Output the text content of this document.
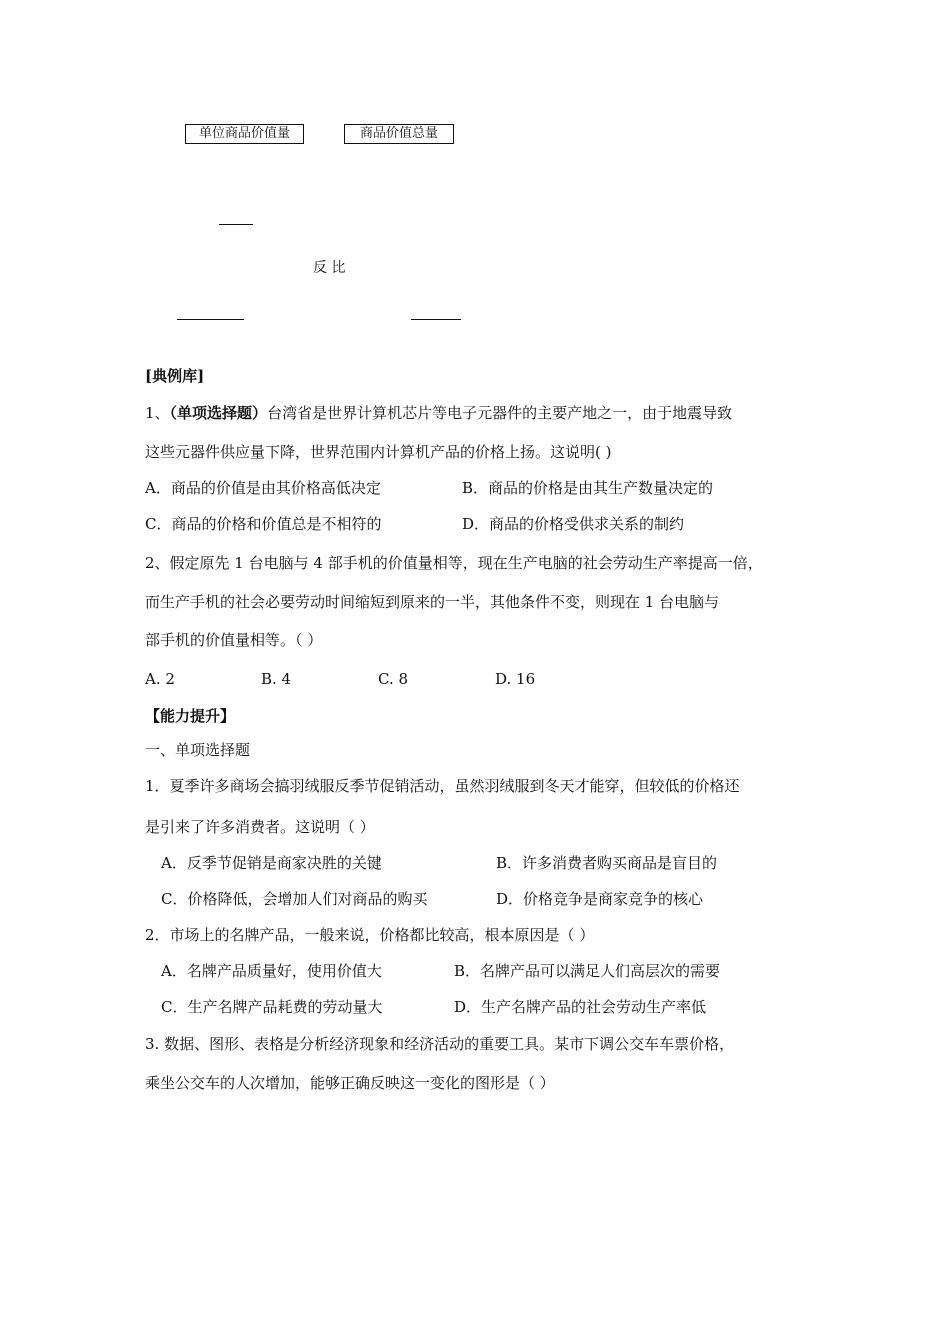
单位商品价值量	商品价值总量
反 比
[典例库]
1、（单项选择题）台湾省是世界计算机芯片等电子元器件的主要产地之一，由于地震导致
这些元器件供应量下降，世界范围内计算机产品的价格上扬。这说明( )
A．商品的价值是由其价格高低决定	B．商品的价格是由其生产数量决定的
C．商品的价格和价值总是不相符的	D．商品的价格受供求关系的制约
2、假定原先 1 台电脑与 4 部手机的价值量相等，现在生产电脑的社会劳动生产率提高一倍，
而生产手机的社会必要劳动时间缩短到原来的一半，其他条件不变，则现在 1 台电脑与
部手机的价值量相等。（ ）
A. 2	B. 4	C. 8	D. 16
【能力提升】
一、单项选择题
1．夏季许多商场会搞羽绒服反季节促销活动，虽然羽绒服到冬天才能穿，但较低的价格还
是引来了许多消费者。这说明（ ）
A．反季节促销是商家决胜的关键	B．许多消费者购买商品是盲目的
C．价格降低，会增加人们对商品的购买	D．价格竞争是商家竞争的核心
2．市场上的名牌产品，一般来说，价格都比较高，根本原因是（ ）
A．名牌产品质量好，使用价值大	B．名牌产品可以满足人们高层次的需要
C．生产名牌产品耗费的劳动量大	D．生产名牌产品的社会劳动生产率低
3. 数据、图形、表格是分析经济现象和经济活动的重要工具。某市下调公交车车票价格，
乘坐公交车的人次增加，能够正确反映这一变化的图形是（ ）
